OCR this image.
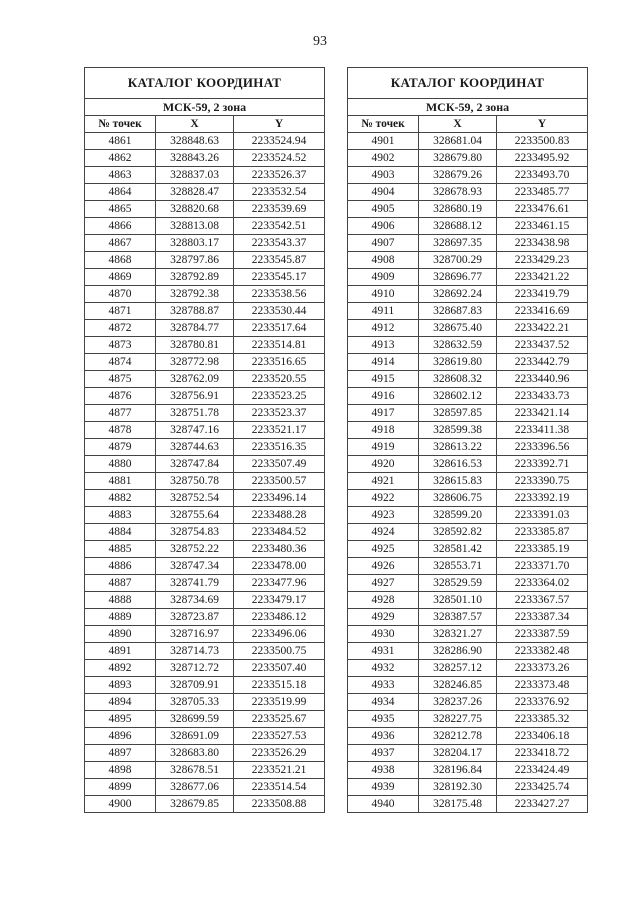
93
КАТАЛОГ КООРДИНАТ		
МСК-59, 2 зона		
№ точек	X	Y
4861	328848.63	2233524.94
4862	328843.26	2233524.52
4863	328837.03	2233526.37
4864	328828.47	2233532.54
4865	328820.68	2233539.69
4866	328813.08	2233542.51
4867	328803.17	2233543.37
4868	328797.86	2233545.87
4869	328792.89	2233545.17
4870	328792.38	2233538.56
4871	328788.87	2233530.44
4872	328784.77	2233517.64
4873	328780.81	2233514.81
4874	328772.98	2233516.65
4875	328762.09	2233520.55
4876	328756.91	2233523.25
4877	328751.78	2233523.37
4878	328747.16	2233521.17
4879	328744.63	2233516.35
4880	328747.84	2233507.49
4881	328750.78	2233500.57
4882	328752.54	2233496.14
4883	328755.64	2233488.28
4884	328754.83	2233484.52
4885	328752.22	2233480.36
4886	328747.34	2233478.00
4887	328741.79	2233477.96
4888	328734.69	2233479.17
4889	328723.87	2233486.12
4890	328716.97	2233496.06
4891	328714.73	2233500.75
4892	328712.72	2233507.40
4893	328709.91	2233515.18
4894	328705.33	2233519.99
4895	328699.59	2233525.67
4896	328691.09	2233527.53
4897	328683.80	2233526.29
4898	328678.51	2233521.21
4899	328677.06	2233514.54
4900	328679.85	2233508.88
КАТАЛОГ КООРДИНАТ		
МСК-59, 2 зона		
№ точек	X	Y
4901	328681.04	2233500.83
4902	328679.80	2233495.92
4903	328679.26	2233493.70
4904	328678.93	2233485.77
4905	328680.19	2233476.61
4906	328688.12	2233461.15
4907	328697.35	2233438.98
4908	328700.29	2233429.23
4909	328696.77	2233421.22
4910	328692.24	2233419.79
4911	328687.83	2233416.69
4912	328675.40	2233422.21
4913	328632.59	2233437.52
4914	328619.80	2233442.79
4915	328608.32	2233440.96
4916	328602.12	2233433.73
4917	328597.85	2233421.14
4918	328599.38	2233411.38
4919	328613.22	2233396.56
4920	328616.53	2233392.71
4921	328615.83	2233390.75
4922	328606.75	2233392.19
4923	328599.20	2233391.03
4924	328592.82	2233385.87
4925	328581.42	2233385.19
4926	328553.71	2233371.70
4927	328529.59	2233364.02
4928	328501.10	2233367.57
4929	328387.57	2233387.34
4930	328321.27	2233387.59
4931	328286.90	2233382.48
4932	328257.12	2233373.26
4933	328246.85	2233373.48
4934	328237.26	2233376.92
4935	328227.75	2233385.32
4936	328212.78	2233406.18
4937	328204.17	2233418.72
4938	328196.84	2233424.49
4939	328192.30	2233425.74
4940	328175.48	2233427.27
